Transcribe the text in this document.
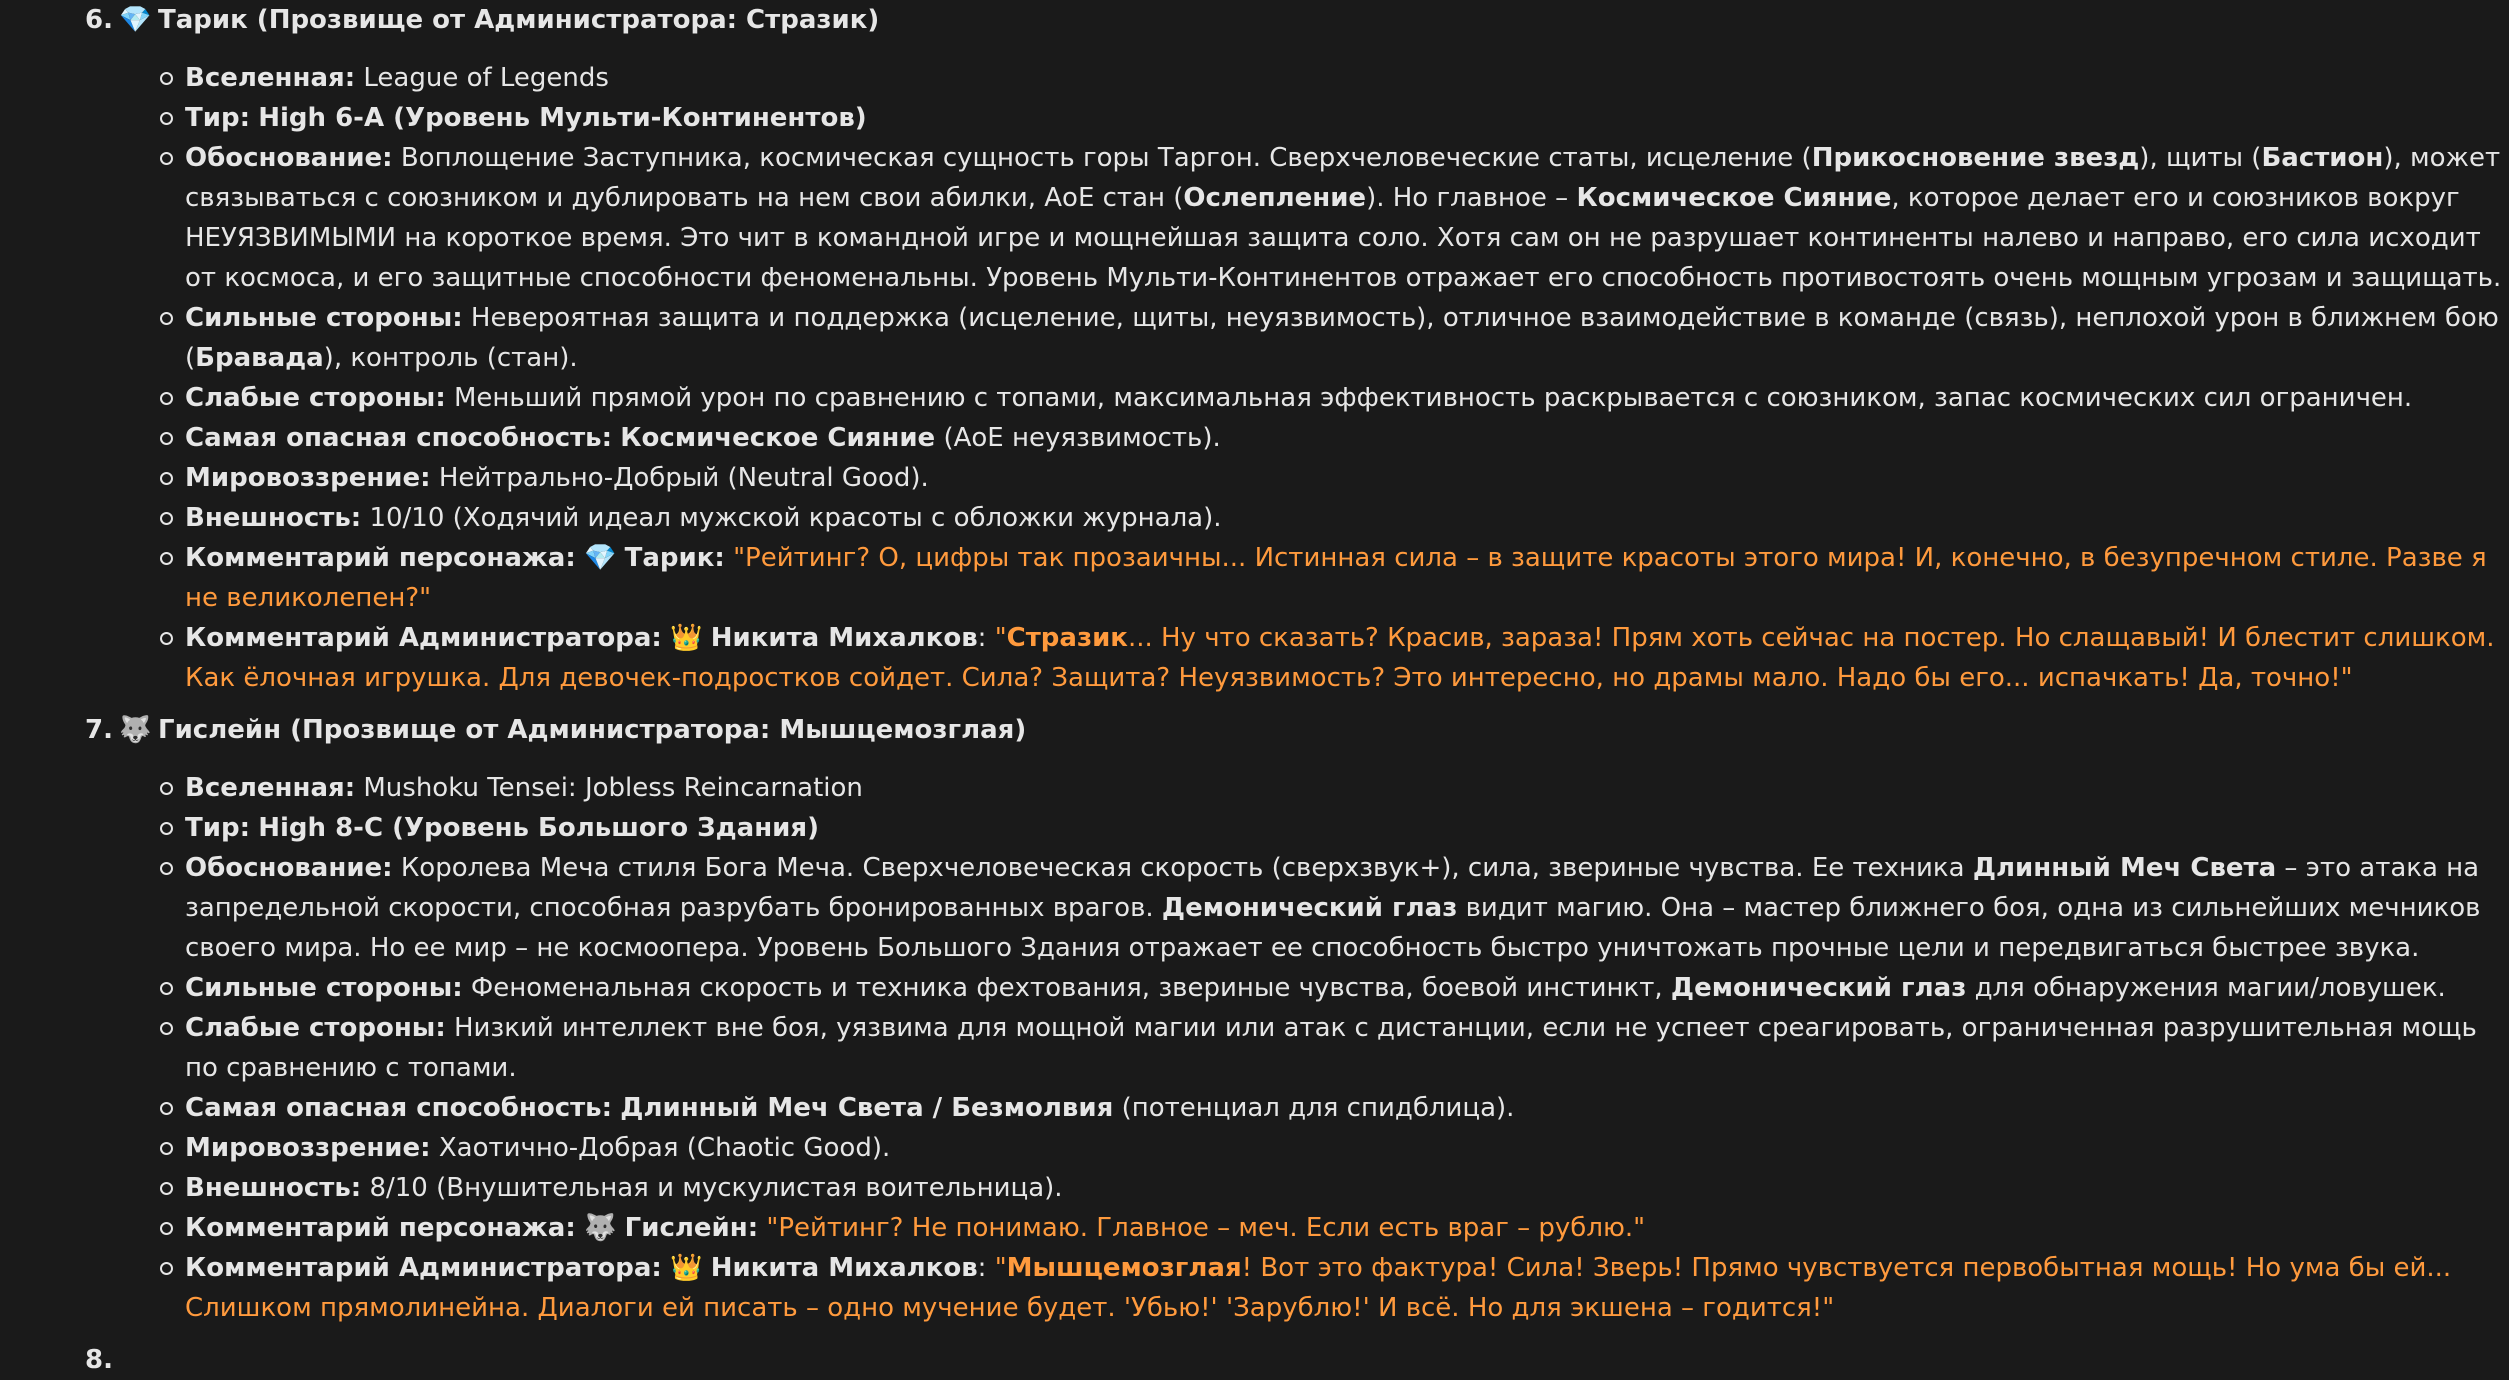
6. 💎 Тарик (Прозвище от Администратора: Стразик)
Вселенная: League of Legends
Тир: High 6-A (Уровень Мульти-Континентов)
Обоснование: Воплощение Заступника, космическая сущность горы Таргон. Сверхчеловеческие статы, исцеление (Прикосновение звезд), щиты (Бастион), может связываться с союзником и дублировать на нем свои абилки, АоЕ стан (Ослепление). Но главное – Космическое Сияние, которое делает его и союзников вокруг НЕУЯЗВИМЫМИ на короткое время. Это чит в командной игре и мощнейшая защита соло. Хотя сам он не разрушает континенты налево и направо, его сила исходит от космоса, и его защитные способности феноменальны. Уровень Мульти-Континентов отражает его способность противостоять очень мощным угрозам и защищать.
Сильные стороны: Невероятная защита и поддержка (исцеление, щиты, неуязвимость), отличное взаимодействие в команде (связь), неплохой урон в ближнем бою (Бравада), контроль (стан).
Слабые стороны: Меньший прямой урон по сравнению с топами, максимальная эффективность раскрывается с союзником, запас космических сил ограничен.
Самая опасная способность: Космическое Сияние (АоЕ неуязвимость).
Мировоззрение: Нейтрально-Добрый (Neutral Good).
Внешность: 10/10 (Ходячий идеал мужской красоты с обложки журнала).
Комментарий персонажа: 💎 Тарик: "Рейтинг? О, цифры так прозаичны... Истинная сила – в защите красоты этого мира! И, конечно, в безупречном стиле. Разве я не великолепен?"
Комментарий Администратора: 👑 Никита Михалков: "Стразик... Ну что сказать? Красив, зараза! Прям хоть сейчас на постер. Но слащавый! И блестит слишком. Как ёлочная игрушка. Для девочек-подростков сойдет. Сила? Защита? Неуязвимость? Это интересно, но драмы мало. Надо бы его... испачкать! Да, точно!"
7. 🐺 Гислейн (Прозвище от Администратора: Мышцемозглая)
Вселенная: Mushoku Tensei: Jobless Reincarnation
Тир: High 8-C (Уровень Большого Здания)
Обоснование: Королева Меча стиля Бога Меча. Сверхчеловеческая скорость (сверхзвук+), сила, звериные чувства. Ее техника Длинный Меч Света – это атака на запредельной скорости, способная разрубать бронированных врагов. Демонический глаз видит магию. Она – мастер ближнего боя, одна из сильнейших мечников своего мира. Но ее мир – не космоопера. Уровень Большого Здания отражает ее способность быстро уничтожать прочные цели и передвигаться быстрее звука.
Сильные стороны: Феноменальная скорость и техника фехтования, звериные чувства, боевой инстинкт, Демонический глаз для обнаружения магии/ловушек.
Слабые стороны: Низкий интеллект вне боя, уязвима для мощной магии или атак с дистанции, если не успеет среагировать, ограниченная разрушительная мощь по сравнению с топами.
Самая опасная способность: Длинный Меч Света / Безмолвия (потенциал для спидблица).
Мировоззрение: Хаотично-Добрая (Chaotic Good).
Внешность: 8/10 (Внушительная и мускулистая воительница).
Комментарий персонажа: 🐺 Гислейн: "Рейтинг? Не понимаю. Главное – меч. Если есть враг – рублю."
Комментарий Администратора: 👑 Никита Михалков: "Мышцемозглая! Вот это фактура! Сила! Зверь! Прямо чувствуется первобытная мощь! Но ума бы ей... Слишком прямолинейна. Диалоги ей писать – одно мучение будет. 'Убью!' 'Зарублю!' И всё. Но для экшена – годится!"
8.
